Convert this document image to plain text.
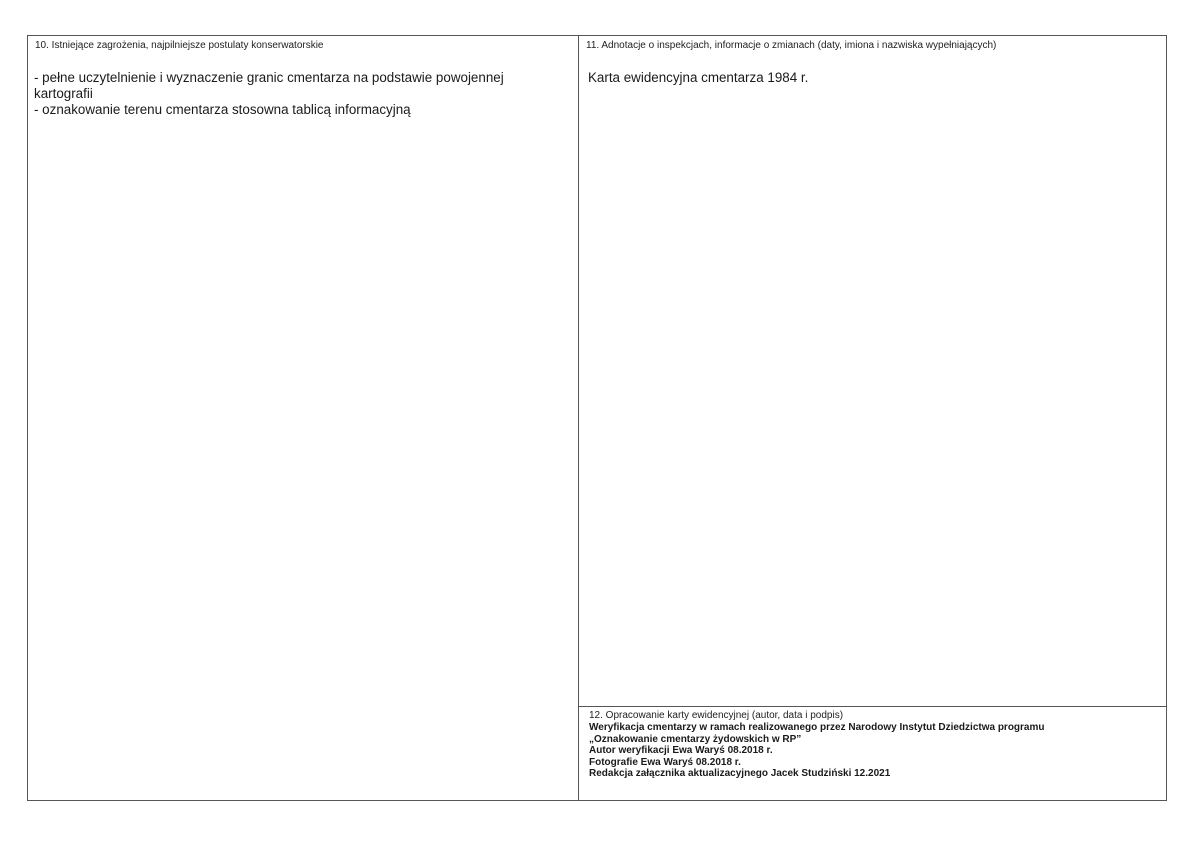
10. Istniejące zagrożenia, najpilniejsze postulaty konserwatorskie
- pełne uczytelnienie i wyznaczenie granic cmentarza na podstawie powojennej
kartografii
- oznakowanie terenu cmentarza stosowna tablicą informacyjną
11. Adnotacje o inspekcjach, informacje o zmianach (daty, imiona i nazwiska wypełniających)
Karta ewidencyjna cmentarza 1984 r.
12. Opracowanie karty ewidencyjnej (autor, data i podpis)
Weryfikacja cmentarzy w ramach realizowanego przez Narodowy Instytut Dziedzictwa programu
„Oznakowanie cmentarzy żydowskich w RP”
Autor weryfikacji Ewa Waryś 08.2018 r.
Fotografie Ewa Waryś 08.2018 r.
Redakcja załącznika aktualizacyjnego Jacek Studziński 12.2021
